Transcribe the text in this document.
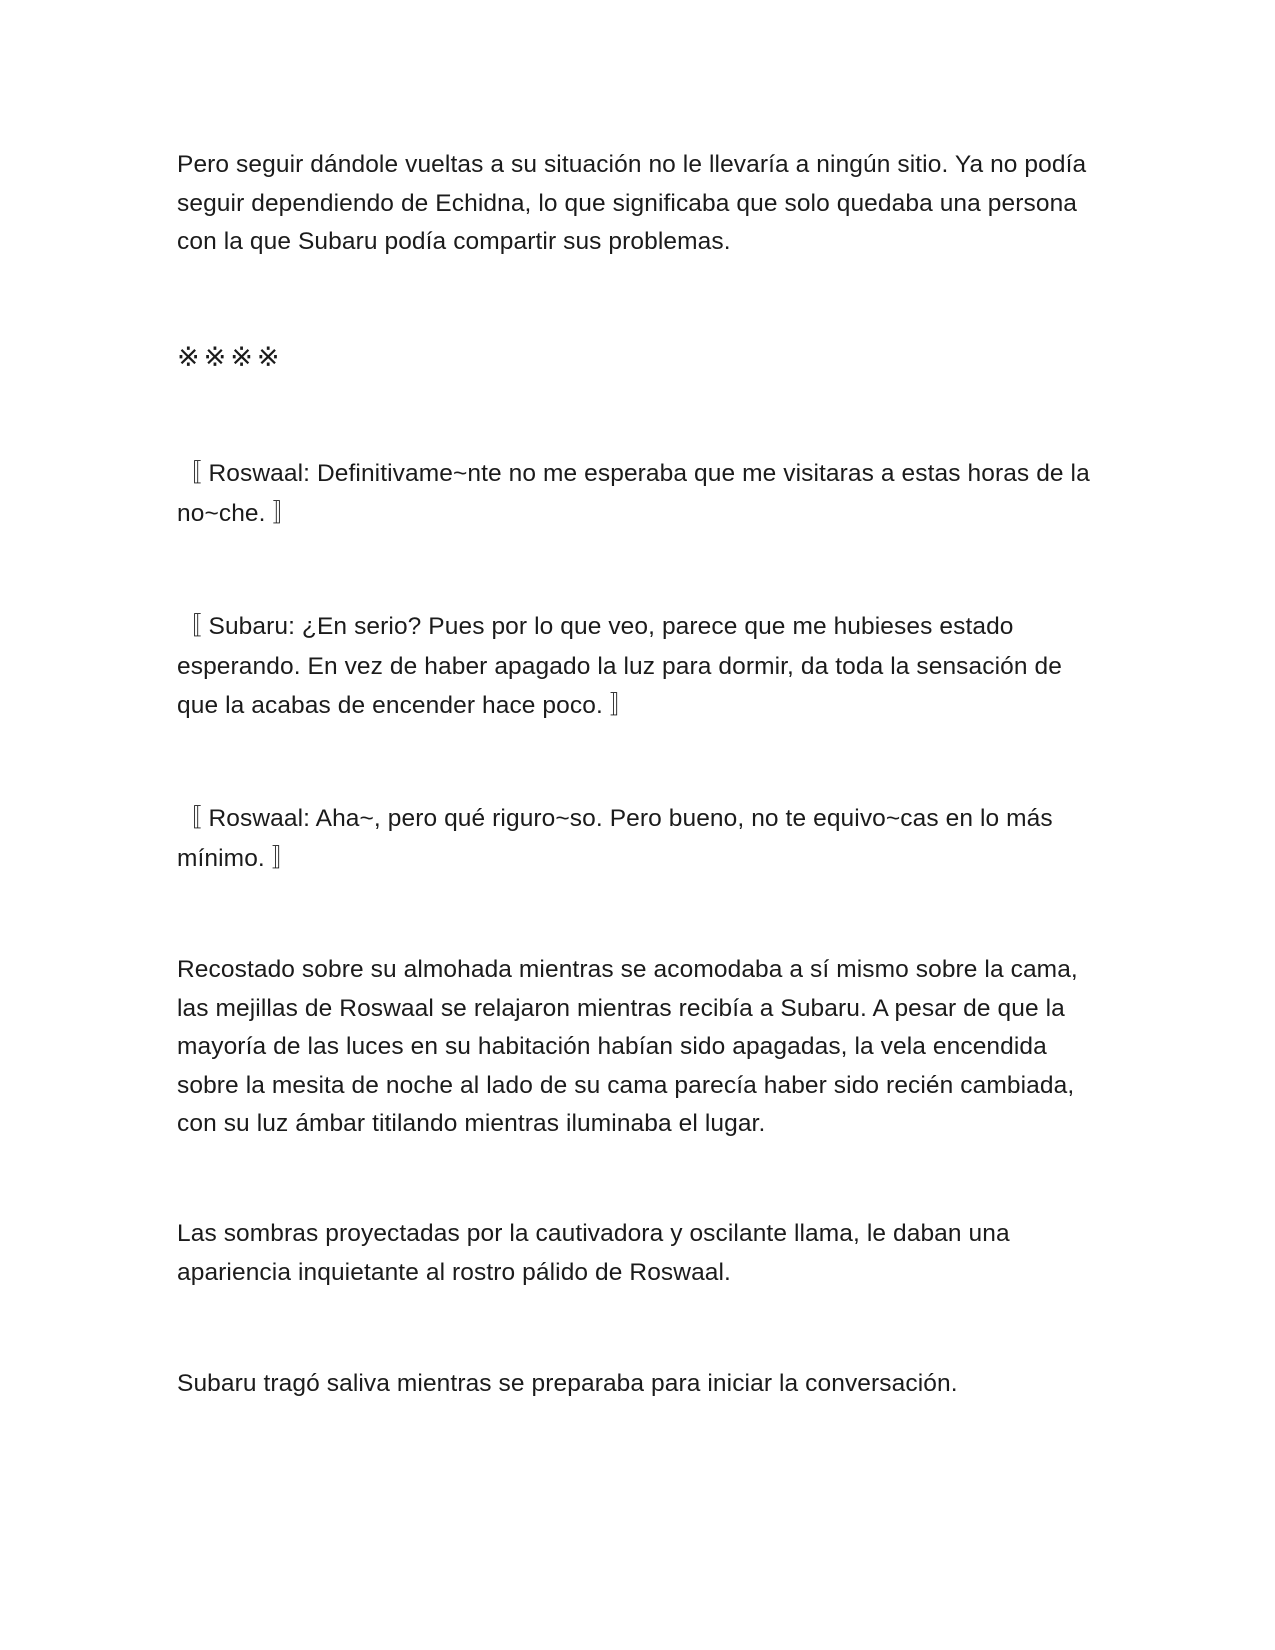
Pero seguir dándole vueltas a su situación no le llevaría a ningún sitio. Ya no podía seguir dependiendo de Echidna, lo que significaba que solo quedaba una persona con la que Subaru podía compartir sus problemas.

※※※※

〚 Roswaal: Definitivame~nte no me esperaba que me visitaras a estas horas de la no~che. 〛

〚 Subaru: ¿En serio? Pues por lo que veo, parece que me hubieses estado esperando. En vez de haber apagado la luz para dormir, da toda la sensación de que la acabas de encender hace poco. 〛

〚 Roswaal: Aha~, pero qué riguro~so. Pero bueno, no te equivo~cas en lo más mínimo. 〛

Recostado sobre su almohada mientras se acomodaba a sí mismo sobre la cama, las mejillas de Roswaal se relajaron mientras recibía a Subaru. A pesar de que la mayoría de las luces en su habitación habían sido apagadas, la vela encendida sobre la mesita de noche al lado de su cama parecía haber sido recién cambiada, con su luz ámbar titilando mientras iluminaba el lugar.

Las sombras proyectadas por la cautivadora y oscilante llama, le daban una apariencia inquietante al rostro pálido de Roswaal.

Subaru tragó saliva mientras se preparaba para iniciar la conversación.
